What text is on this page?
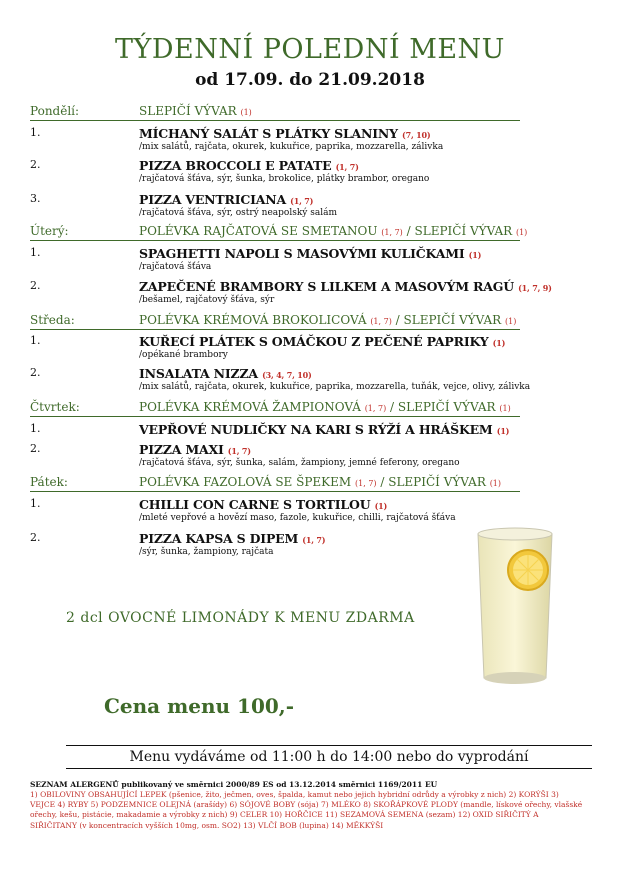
TÝDENNÍ POLEDNÍ MENU
od 17.09. do 21.09.2018
Pondělí:	SLEPIČÍ VÝVAR (1)
1.	MÍCHANÝ SALÁT S PLÁTKY SLANINY (7, 10)
/mix salátů, rajčata, okurek, kukuřice, paprika, mozzarella, zálivka
2.	PIZZA BROCCOLI E PATATE (1, 7)
/rajčatová šťáva, sýr, šunka, brokolice, plátky brambor, oregano
3.	PIZZA VENTRICIANA (1, 7)
/rajčatová šťáva, sýr, ostrý neapolský salám
Úterý:	POLÉVKA RAJČATOVÁ SE SMETANOU (1, 7) / SLEPIČÍ VÝVAR (1)
1.	SPAGHETTI NAPOLI S MASOVÝMI KULIČKAMI (1)
/rajčatová šťáva
2.	ZAPEČENÉ BRAMBORY S LILKEM A MASOVÝM RAGÚ (1, 7, 9)
/bešamel, rajčatový šťáva, sýr
Středa:	POLÉVKA KRÉMOVÁ BROKOLICOVÁ (1, 7) / SLEPIČÍ VÝVAR (1)
1.	KUŘECÍ PLÁTEK S OMÁČKOU Z PEČENÉ PAPRIKY (1)
/opékané brambory
2.	INSALATA NIZZA (3, 4, 7, 10)
/mix salátů, rajčata, okurek, kukuřice, paprika, mozzarella, tuňák, vejce, olivy, zálivka
Čtvrtek:	POLÉVKA KRÉMOVÁ ŽAMPIONOVÁ (1, 7) / SLEPIČÍ VÝVAR (1)
1.	VEPŘOVÉ NUDLIČKY NA KARI S RÝŽÍ A HRÁŠKEM (1)
2.	PIZZA MAXI (1, 7)
/rajčatová šťáva, sýr, šunka, salám, žampiony, jemné feferony, oregano
Pátek:	POLÉVKA FAZOLOVÁ SE ŠPEKEM (1, 7) / SLEPIČÍ VÝVAR (1)
1.	CHILLI CON CARNE S TORTILOU (1)
/mleté vepřové a hovězí maso, fazole, kukuřice, chilli, rajčatová šťáva
2.	PIZZA KAPSA S DIPEM (1, 7)
/sýr, šunka, žampiony, rajčata
2 dcl OVOCNÉ LIMONÁDY K MENU ZDARMA
Cena menu 100,-
Menu vydáváme od 11:00 h do 14:00 nebo do vyprodání
SEZNAM ALERGENŮ publikovaný ve směrnici 2000/89 ES od 13.12.2014 směrnici 1169/2011 EU
1) OBILOVINY OBSAHUJÍCÍ LEPEK (pšenice, žito, ječmen, oves, špalda, kamut nebo jejich hybridní odrůdy a výrobky z nich) 2) KORÝŠI 3) VEJCE 4) RYBY 5) PODZEMNICE OLEJNÁ (arašídy) 6) SÓJOVÉ BOBY (sója) 7) MLÉKO 8) SKOŘÁPKOVÉ PLODY (mandle, lískové ořechy, vlašské ořechy, kešu, pistácie, makadamie a výrobky z nich) 9) CELER 10) HOŘČICE 11) SEZAMOVÁ SEMENA (sezam) 12) OXID SIŘIČITÝ A SIŘIČITANY (v koncentracích vyšších 10mg, osm. SO2) 13) VLČÍ BOB (lupina) 14) MĚKKÝŠI
